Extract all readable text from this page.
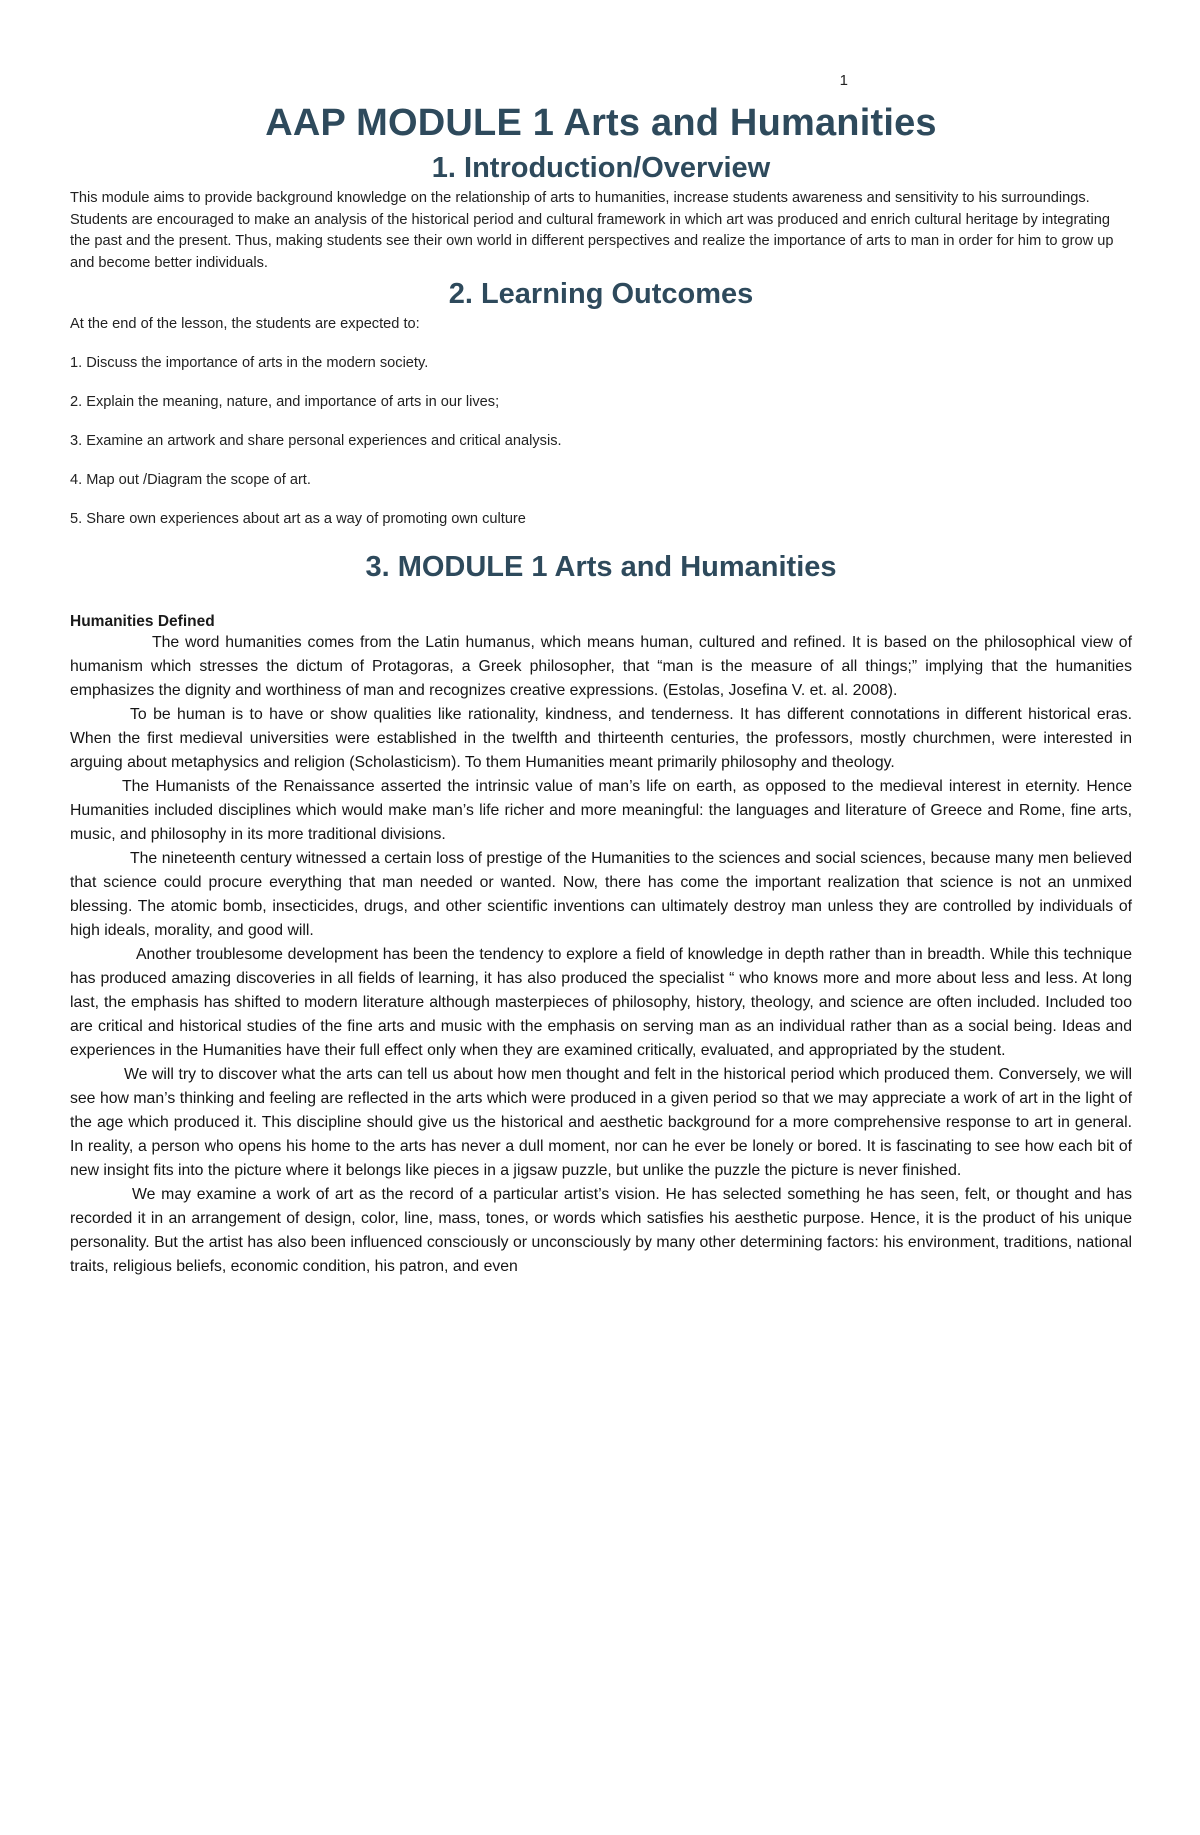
1
AAP MODULE 1 Arts and Humanities
1. Introduction/Overview

This module aims to provide background knowledge on the relationship of arts to humanities, increase students awareness and sensitivity to his surroundings. Students are encouraged to make an analysis of the historical period and cultural framework in which art was produced and enrich cultural heritage by integrating the past and the present. Thus, making students see their own world in different perspectives and realize the importance of arts to man in order for him to grow up and become better individuals.

2. Learning Outcomes

At the end of the lesson, the students are expected to:

1. Discuss the importance of arts in the modern society.
2. Explain the meaning, nature, and importance of arts in our lives;
3. Examine an artwork and share personal experiences and critical analysis.
4. Map out /Diagram the scope of art.
5. Share own experiences about art as a way of promoting own culture
3. MODULE 1 Arts and Humanities

Humanities Defined

The word humanities comes from the Latin humanus, which means human, cultured and refined. It is based on the philosophical view of humanism which stresses the dictum of Protagoras, a Greek philosopher, that “man is the measure of all things;” implying that the humanities emphasizes the dignity and worthiness of man and recognizes creative expressions. (Estolas, Josefina V. et. al. 2008).

To be human is to have or show qualities like rationality, kindness, and tenderness. It has different connotations in different historical eras. When the first medieval universities were established in the twelfth and thirteenth centuries, the professors, mostly churchmen, were interested in arguing about metaphysics and religion (Scholasticism). To them Humanities meant primarily philosophy and theology.

The Humanists of the Renaissance asserted the intrinsic value of man’s life on earth, as opposed to the medieval interest in eternity. Hence Humanities included disciplines which would make man’s life richer and more meaningful: the languages and literature of Greece and Rome, fine arts, music, and philosophy in its more traditional divisions.

The nineteenth century witnessed a certain loss of prestige of the Humanities to the sciences and social sciences, because many men believed that science could procure everything that man needed or wanted. Now, there has come the important realization that science is not an unmixed blessing. The atomic bomb, insecticides, drugs, and other scientific inventions can ultimately destroy man unless they are controlled by individuals of high ideals, morality, and good will.

Another troublesome development has been the tendency to explore a field of knowledge in depth rather than in breadth. While this technique has produced amazing discoveries in all fields of learning, it has also produced the specialist “ who knows more and more about less and less. At long last, the emphasis has shifted to modern literature although masterpieces of philosophy, history, theology, and science are often included. Included too are critical and historical studies of the fine arts and music with the emphasis on serving man as an individual rather than as a social being. Ideas and experiences in the Humanities have their full effect only when they are examined critically, evaluated, and appropriated by the student.

We will try to discover what the arts can tell us about how men thought and felt in the historical period which produced them. Conversely, we will see how man’s thinking and feeling are reflected in the arts which were produced in a given period so that we may appreciate a work of art in the light of the age which produced it. This discipline should give us the historical and aesthetic background for a more comprehensive response to art in general. In reality, a person who opens his home to the arts has never a dull moment, nor can he ever be lonely or bored. It is fascinating to see how each bit of new insight fits into the picture where it belongs like pieces in a jigsaw puzzle, but unlike the puzzle the picture is never finished.

We may examine a work of art as the record of a particular artist’s vision. He has selected something he has seen, felt, or thought and has recorded it in an arrangement of design, color, line, mass, tones, or words which satisfies his aesthetic purpose. Hence, it is the product of his unique personality. But the artist has also been influenced consciously or unconsciously by many other determining factors: his environment, traditions, national traits, religious beliefs, economic condition, his patron, and even
